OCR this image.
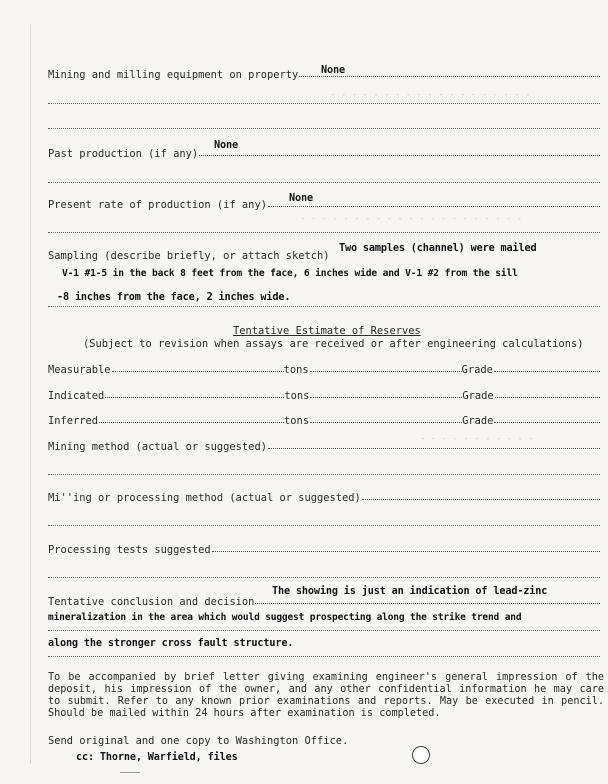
- - - - - - - - - - - - - - - - - - -
- - - - - - - - - - - - - - - - - - - - -
- - - - - - - - - - -
Mining and milling equipment on property None
Past production (if any)
None
Present rate of production (if any)
None
Sampling (describe briefly, or attach sketch)
Two samples (channel) were mailed
V-1 #1-5 in the back 8 feet from the face, 6 inches wide and V-1 #2 from the sill
-8 inches from the face, 2 inches wide.
Tentative Estimate of Reserves
(Subject to revision when assays are received or after engineering calculations)
Measurable	tons	Grade
Indicated	tons	Grade
Inferred	tons	Grade
Mining method (actual or suggested)
Mi''ing or processing method (actual or suggested)
Processing tests suggested
Tentative conclusion and decision
The showing is just an indication of lead-zinc
mineralization in the area which would suggest prospecting along the strike trend and
along the stronger cross fault structure.
To be accompanied by brief letter giving examining engineer's general impression of the
deposit, his impression of the owner, and any other confidential information he may care
to submit. Refer to any known prior examinations and reports. May be executed in pencil.
Should be mailed within 24 hours after examination is completed.
Send original and one copy to Washington Office.
cc: Thorne, Warfield, files
